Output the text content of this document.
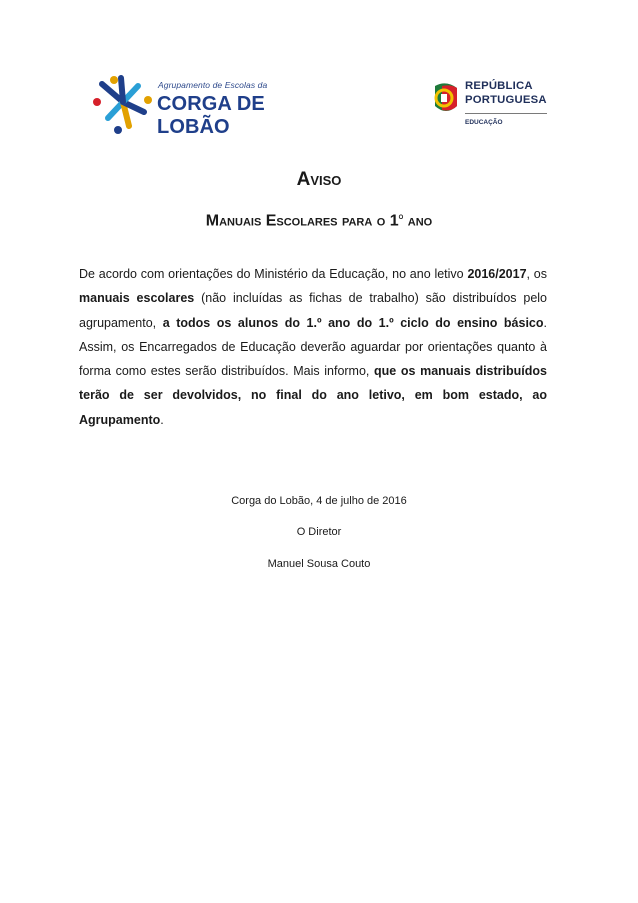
Agrupamento de Escolas da
CORGA DE LOBÃO
REPÚBLICA
PORTUGUESA
EDUCAÇÃO
Aviso
Manuais Escolares para o 1$^o$ ano
De acordo com orientações do Ministério da Educação, no ano letivo 2016/2017, os manuais escolares (não incluídas as fichas de trabalho) são distribuídos pelo agrupamento, a todos os alunos do 1.º ano do 1.º ciclo do ensino básico. Assim, os Encarregados de Educação deverão aguardar por orientações quanto à forma como estes serão distribuídos. Mais informo, que os manuais distribuídos terão de ser devolvidos, no final do ano letivo, em bom estado, ao Agrupamento.
Corga do Lobão, 4 de julho de 2016
O Diretor
Manuel Sousa Couto
